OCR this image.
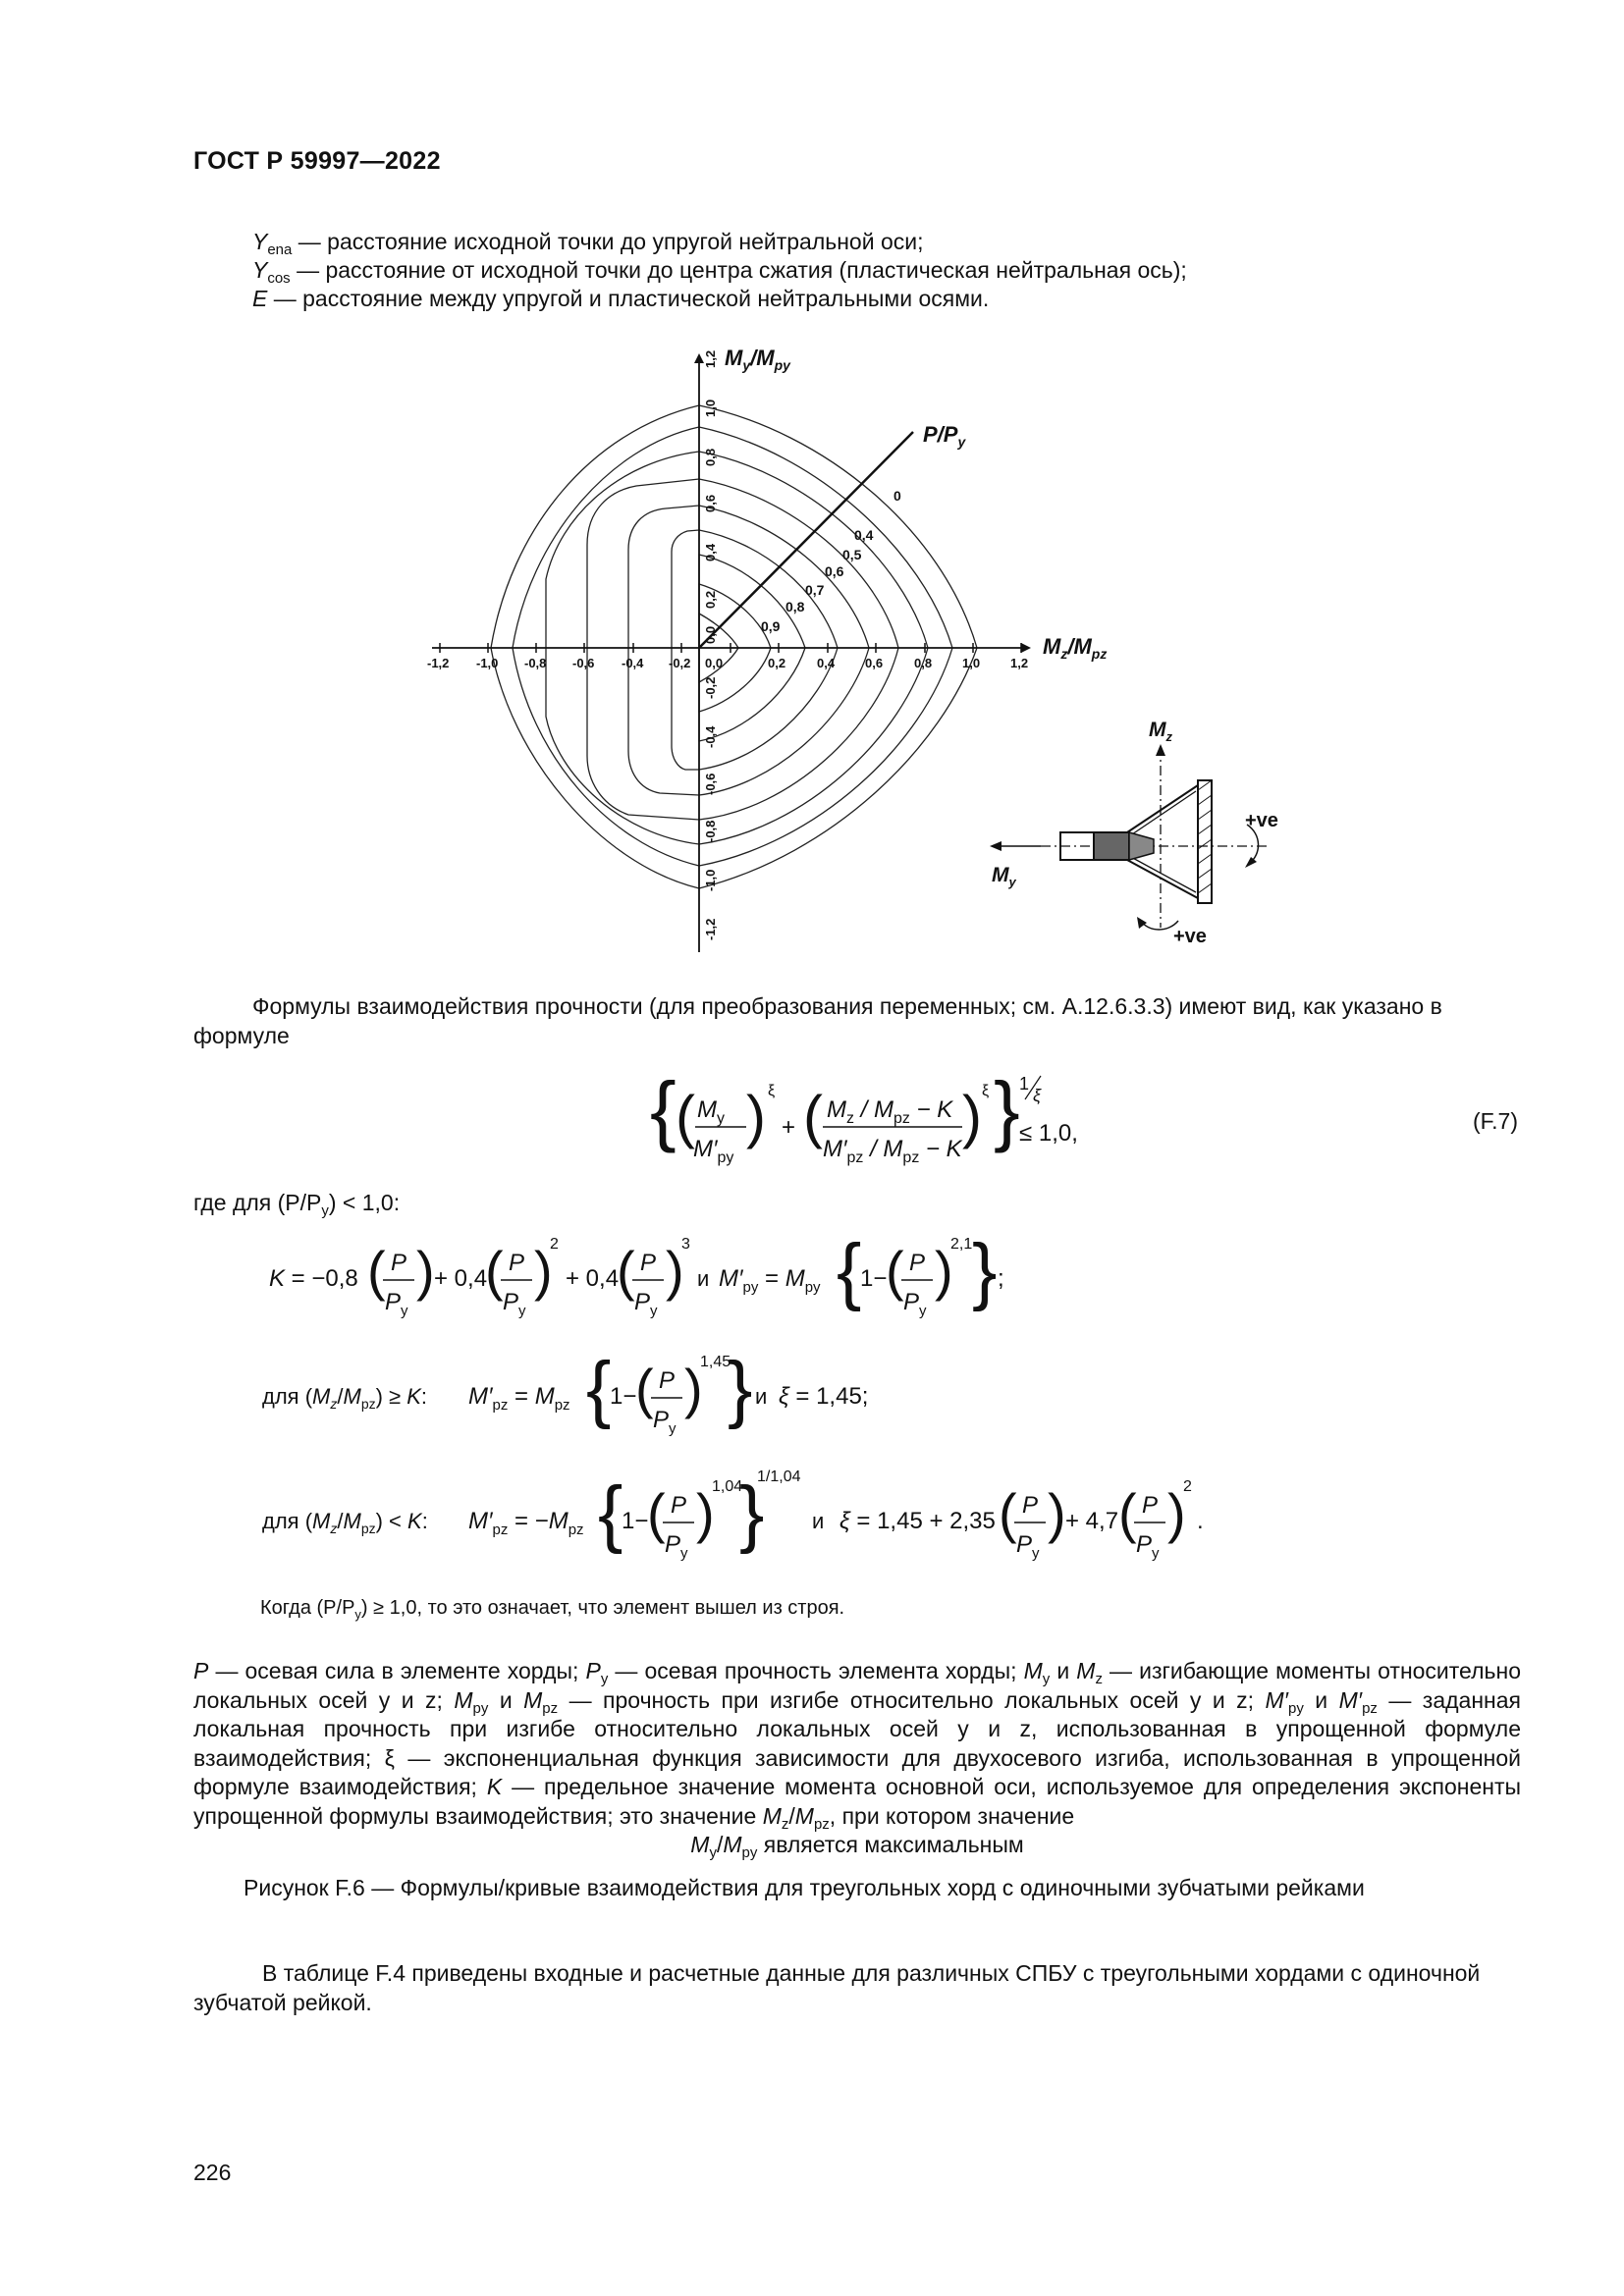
ГОСТ Р 59997—2022
$Y_{ena}$ — расстояние исходной точки до упругой нейтральной оси;
$Y_{cos}$ — расстояние от исходной точки до центра сжатия (пластическая нейтральная ось);
E — расстояние между упругой и пластической нейтральными осями.
-1,2 -1,0 -0,8 -0,6 -0,4 -0,2 0,0	0,2 0,4 0,6 0,8 1,0 1,2
1,2
1,0
0,8
0,6
0,4
0,2
0,0
-0,2
-0,4
-0,6
-0,8
-1,0
-1,2
0
0,4
0,5
0,6
0,7
0,8
0,9
$M_y/M_{py}$
$M_z/M_{pz}$
$P/P_y$
$M_z$
$M_y$
+ve
+ve
Формулы взаимодействия прочности (для преобразования переменных; см. А.12.6.3.3) имеют вид, как указано в формуле
{ ( $M_y$
$M'_{py}$
) ξ
+ ( $M_z / M_{pz} - K$
$M'_{pz} / M_{pz} - K$ ) ξ } 1
ξ
≤ 1,0,	(F.7)
где для $(P/P_y) < 1,0$:
K = −0,8 ( P
$P_y$
) + 0,4
( P
$P_y$
)
2
+ 0,4
( P
$P_y$
)
3
и $M'_{py} = M_{py}$ {
1−
( P
$P_y$
)
2,1 } ;
для $(M_z/M_{pz}) \ge K$: $M'_{pz} = M_{pz}$ {
1−
( P
$P_y$
)
1,45
} и ξ = 1,45;
для $(M_z/M_{pz}) < K$: $M'_{pz} = -M_{pz}$ {
1−
( P
$P_y$
)
1,04
}
1/1,04
и ξ = 1,45 + 2,35 ( P
$P_y$
) + 4,7 ( P
$P_y$
)
2
.
Когда $(P/P_y) \ge 1,0$, то это означает, что элемент вышел из строя.
P — осевая сила в элементе хорды; $P_y$ — осевая прочность элемента хорды; $M_y$ и $M_z$ — изгибающие моменты относительно локальных осей y и z; $M_{py}$ и $M_{pz}$ — прочность при изгибе относительно локальных осей y и z; $M'_{py}$ и $M'_{pz}$ — заданная локальная прочность при изгибе относительно локальных осей y и z, использованная в упрощенной формуле взаимодействия; ξ — экспоненциальная функция зависимости для двухосевого изгиба, использованная в упрощенной формуле взаимодействия; K — предельное значение момента основной оси, используемое для определения экспоненты упрощенной формулы взаимодействия; это значение $M_z/M_{pz}$, при котором значение
$M_y/M_{py}$ является максимальным
Рисунок F.6 — Формулы/кривые взаимодействия для треугольных хорд с одиночными зубчатыми рейками
В таблице F.4 приведены входные и расчетные данные для различных СПБУ с треугольными хордами с одиночной зубчатой рейкой.
226
